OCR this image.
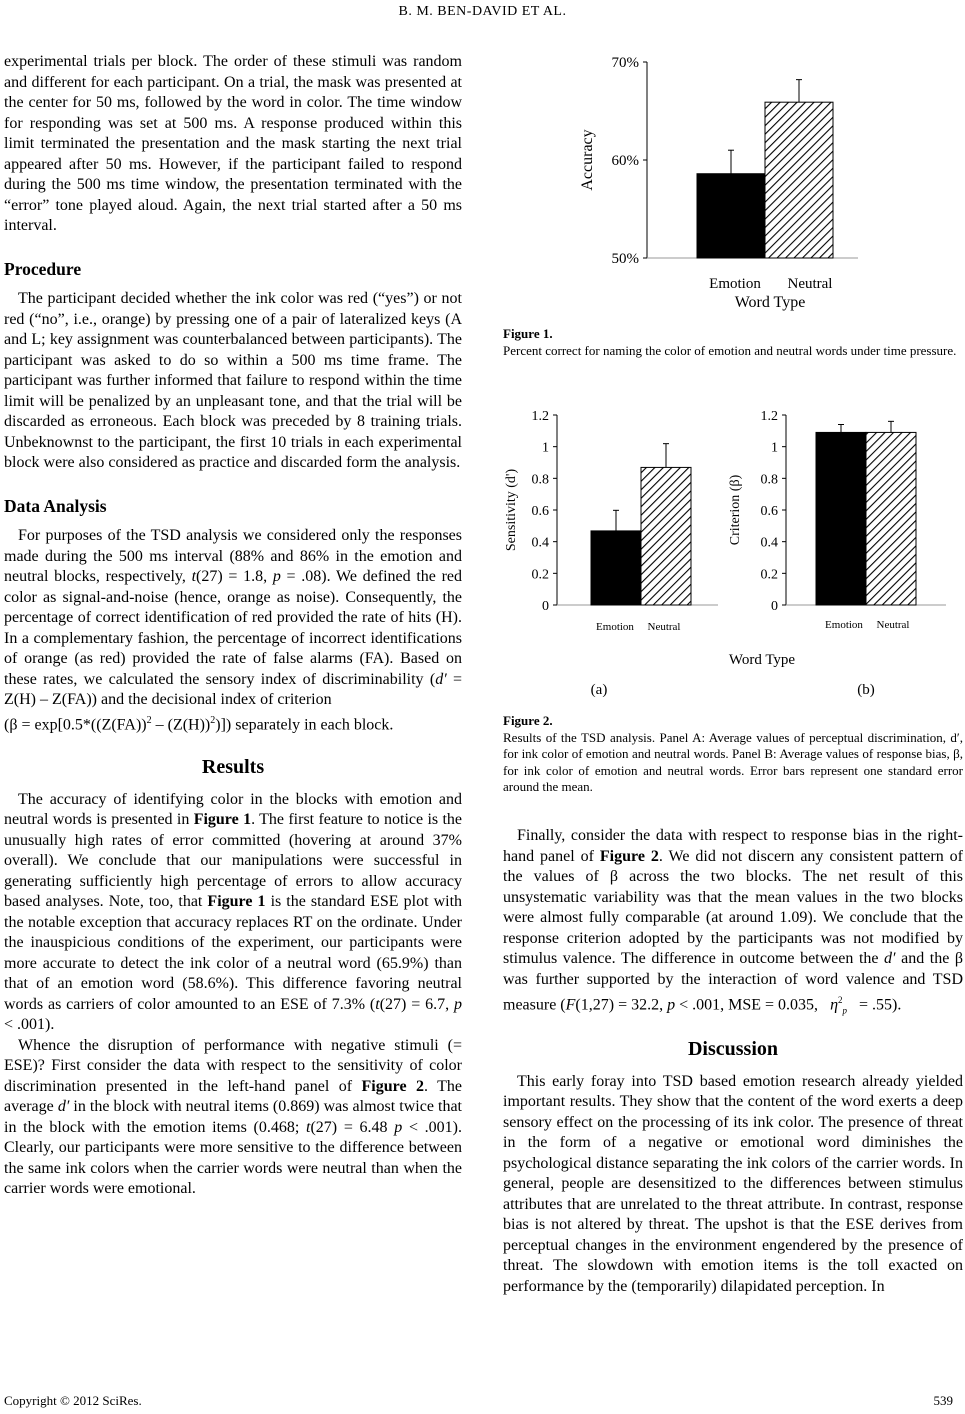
B. M. BEN-DAVID ET AL.

experimental trials per block. The order of these stimuli was random and different for each participant. On a trial, the mask was presented at the center for 50 ms, followed by the word in color. The time window for responding was set at 500 ms. A response produced within this limit terminated the presentation and the mask starting the next trial appeared after 50 ms. However, if the participant failed to respond during the 500 ms time window, the presentation terminated with the “error” tone played aloud. Again, the next trial started after a 50 ms interval.

Procedure

The participant decided whether the ink color was red (“yes”) or not red (“no”, i.e., orange) by pressing one of a pair of lateralized keys (A and L; key assignment was counterbalanced between participants). The participant was asked to do so within a 500 ms time frame. The participant was further informed that failure to respond within the time limit will be penalized by an unpleasant tone, and that the trial will be discarded as erroneous. Each block was preceded by 8 training trials. Unbeknownst to the participant, the first 10 trials in each experimental block were also considered as practice and discarded form the analysis.

Data Analysis

For purposes of the TSD analysis we considered only the responses made during the 500 ms interval (88% and 86% in the emotion and neutral blocks, respectively, t(27) = 1.8, p = .08). We defined the red color as signal-and-noise (hence, orange as noise). Consequently, the percentage of correct identification of red provided the rate of hits (H). In a complementary fashion, the percentage of incorrect identifications of orange (as red) provided the rate of false alarms (FA). Based on these rates, we calculated the sensory index of discriminability (d′ = Z(H) – Z(FA)) and the decisional index of criterion

$(\beta = \exp[0.5*((Z(FA))^2 - (Z(H))^2)])$ separately in each block.

Results

The accuracy of identifying color in the blocks with emotion and neutral words is presented in Figure 1. The first feature to notice is the unusually high rates of error committed (hovering at around 37% overall). We conclude that our manipulations were successful in generating sufficiently high percentage of errors to allow accuracy based analyses. Note, too, that Figure 1 is the standard ESE plot with the notable exception that accuracy replaces RT on the ordinate. Under the inauspicious conditions of the experiment, our participants were more accurate to detect the ink color of a neutral word (65.9%) than that of an emotion word (58.6%). This difference favoring neutral words as carriers of color amounted to an ESE of 7.3% (t(27) = 6.7, p < .001).

Whence the disruption of performance with negative stimuli (= ESE)? First consider the data with respect to the sensitivity of color discrimination presented in the left-hand panel of Figure 2. The average d′ in the block with neutral items (0.869) was almost twice that in the block with the emotion items (0.468; t(27) = 6.48 p < .001). Clearly, our participants were more sensitive to the difference between the same ink colors when the carrier words were neutral than when the carrier words were emotional.

50%
60%
70%
Emotion Neutral
Accuracy
Word Type
Figure 1.
Percent correct for naming the color of emotion and neutral words under time pressure.
0
0.2
0.4
0.6
0.8
1
1.2
Emotion Neutral
Sensitivity (d')
0
0.2
0.4
0.6
0.8
1
1.2
Emotion Neutral
Criterion (β)
Word Type
(a)	(b)
Figure 2.
Results of the TSD analysis. Panel A: Average values of perceptual discrimination, d′, for ink color of emotion and neutral words. Panel B: Average values of response bias, β, for ink color of emotion and neutral words. Error bars represent one standard error around the mean.

Finally, consider the data with respect to response bias in the right-hand panel of Figure 2. We did not discern any consistent pattern of the values of β across the two blocks. The net result of this unsystematic variability was that the mean values in the two blocks were almost fully comparable (at around 1.09). We conclude that the response criterion adopted by the participants was not modified by stimulus valence. The difference in outcome between the d′ and the β was further supported by the interaction of word valence and TSD measure (F(1,27) = 32.2, p < .001, MSE = 0.035,   $\eta^2_p = .55$).

Discussion

This early foray into TSD based emotion research already yielded important results. They show that the content of the word exerts a deep sensory effect on the processing of its ink color. The presence of threat in the form of a negative or emotional word diminishes the psychological distance separating the ink colors of the carrier words. In general, people are desensitized to the differences between stimulus attributes that are unrelated to the threat attribute. In contrast, response bias is not altered by threat. The upshot is that the ESE derives from perceptual changes in the environment engendered by the presence of threat. The slowdown with emotion items is the toll exacted on performance by the (temporarily) dilapidated perception. In

Copyright © 2012 SciRes.	539
